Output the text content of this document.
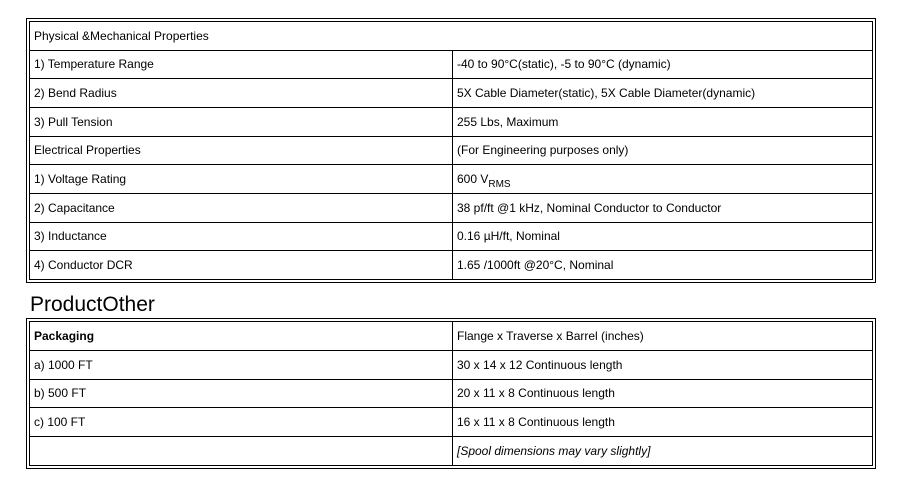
Physical &Mechanical Properties	
1) Temperature Range	-40 to 90°C(static), -5 to 90°C (dynamic)
2) Bend Radius	5X Cable Diameter(static), 5X Cable Diameter(dynamic)
3) Pull Tension	255 Lbs, Maximum
Electrical Properties	(For Engineering purposes only)
1) Voltage Rating	600 $V_{RMS}$
2) Capacitance	38 pf/ft @1 kHz, Nominal Conductor to Conductor
3) Inductance	0.16 µH/ft, Nominal
4) Conductor DCR	1.65 /1000ft @20°C, Nominal
ProductOther
Packaging	Flange x Traverse x Barrel (inches)
a) 1000 FT	30 x 14 x 12 Continuous length
b) 500 FT	20 x 11 x 8 Continuous length
c) 100 FT	16 x 11 x 8 Continuous length
	[Spool dimensions may vary slightly]
